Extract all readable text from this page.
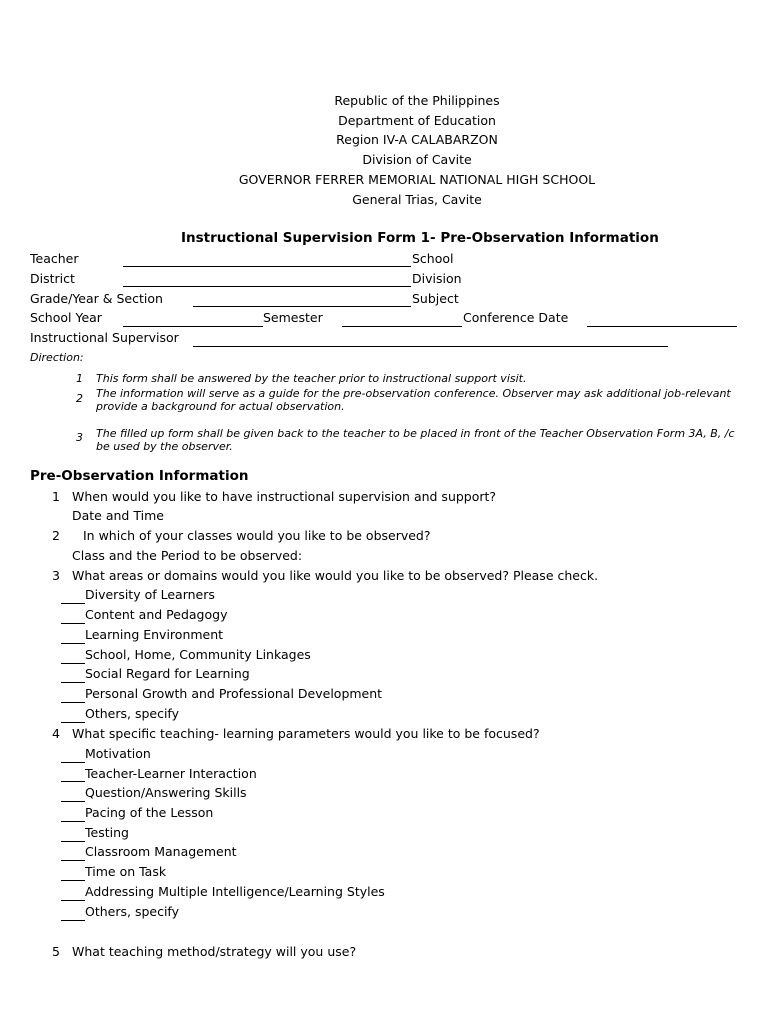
Republic of the Philippines
Department of Education
Region IV-A CALABARZON
Division of Cavite
GOVERNOR FERRER MEMORIAL NATIONAL HIGH SCHOOL
General Trias, Cavite
Instructional Supervision Form 1- Pre-Observation Information
Teacher	School
District	Division
Grade/Year & Section	Subject
School Year	Semester	Conference Date
Instructional Supervisor
Direction:
1 This form shall be answered by the teacher prior to instructional support visit.
2 The information will serve as a guide for the pre-observation conference. Observer may ask additional job-relevant
provide a background for actual observation.
3 The filled up form shall be given back to the teacher to be placed in front of the Teacher Observation Form 3A, B, /c
be used by the observer.
Pre-Observation Information
1 When would you like to have instructional supervision and support?
Date and Time
2 In which of your classes would you like to be observed?
Class and the Period to be observed:
3 What areas or domains would you like would you like to be observed? Please check.
Diversity of Learners
Content and Pedagogy
Learning Environment
School, Home, Community Linkages
Social Regard for Learning
Personal Growth and Professional Development
Others, specify
4 What specific teaching- learning parameters would you like to be focused?
Motivation
Teacher-Learner Interaction
Question/Answering Skills
Pacing of the Lesson
Testing
Classroom Management
Time on Task
Addressing Multiple Intelligence/Learning Styles
Others, specify
5 What teaching method/strategy will you use?
